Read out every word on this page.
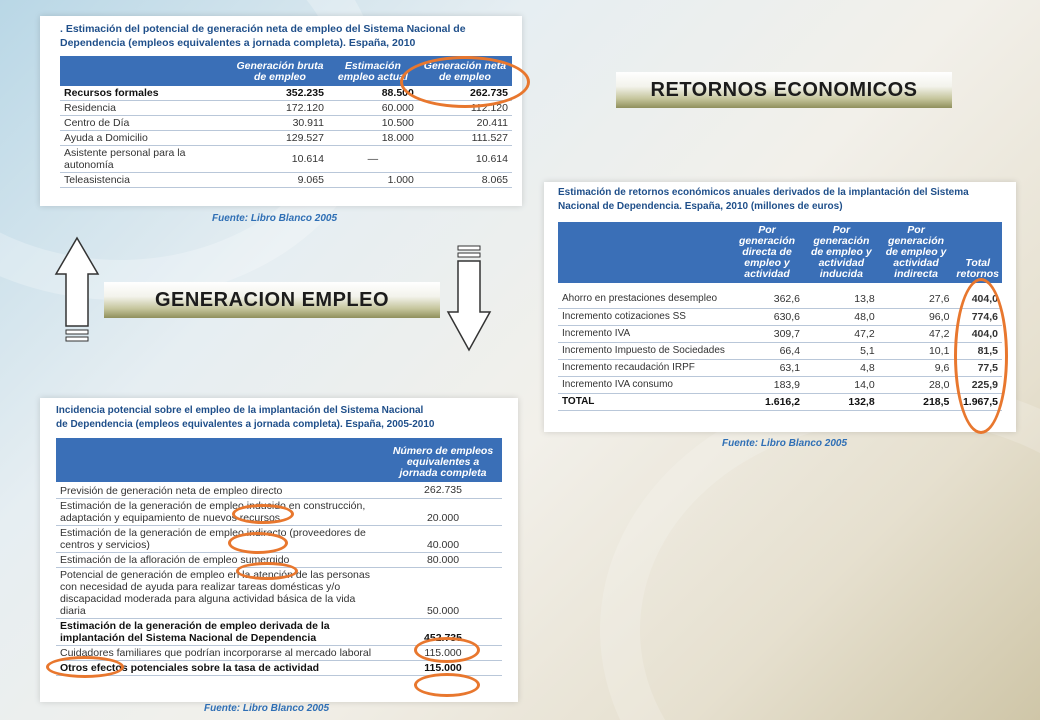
. Estimación del potencial de generación neta de empleo del Sistema Nacional de
Dependencia (empleos equivalentes a jornada completa). España, 2010
	Generación bruta de empleo	Estimación empleo actual	Generación neta de empleo
Recursos formales	352.235	88.500	262.735
Residencia	172.120	60.000	112.120
Centro de Día	30.911	10.500	20.411
Ayuda a Domicilio	129.527	18.000	111.527
Asistente personal para la autonomía	10.614	—	10.614
Teleasistencia	9.065	1.000	8.065
Fuente: Libro Blanco 2005
RETORNOS ECONOMICOS
Estimación de retornos económicos anuales derivados de la implantación del Sistema
Nacional de Dependencia. España, 2010 (millones de euros)
	Por generación directa de empleo y actividad	Por generación de empleo y actividad inducida	Por generación de empleo y actividad indirecta	Total retornos

Ahorro en prestaciones desempleo	362,6	13,8	27,6	404,0
Incremento cotizaciones SS	630,6	48,0	96,0	774,6
Incremento IVA	309,7	47,2	47,2	404,0
Incremento Impuesto de Sociedades	66,4	5,1	10,1	81,5
Incremento recaudación IRPF	63,1	4,8	9,6	77,5
Incremento IVA consumo	183,9	14,0	28,0	225,9
TOTAL	1.616,2	132,8	218,5	1.967,5
Fuente: Libro Blanco 2005
GENERACION EMPLEO
Incidencia potencial sobre el empleo de la implantación del Sistema Nacional
de Dependencia (empleos equivalentes a jornada completa). España, 2005-2010
	Número de empleos equivalentes a jornada completa
Previsión de generación neta de empleo directo	262.735
Estimación de la generación de empleo inducido en construcción, adaptación y equipamiento de nuevos recursos	20.000
Estimación de la generación de empleo indirecto (proveedores de centros y servicios)	40.000
Estimación de la afloración de empleo sumergido	80.000
Potencial de generación de empleo en la atención de las personas con necesidad de ayuda para realizar tareas domésticas y/o discapacidad moderada para alguna actividad básica de la vida diaria	50.000
Estimación de la generación de empleo derivada de la implantación del Sistema Nacional de Dependencia	452.735
Cuidadores familiares que podrían incorporarse al mercado laboral	115.000
Otros efectos potenciales sobre la tasa de actividad	115.000
Fuente: Libro Blanco 2005
